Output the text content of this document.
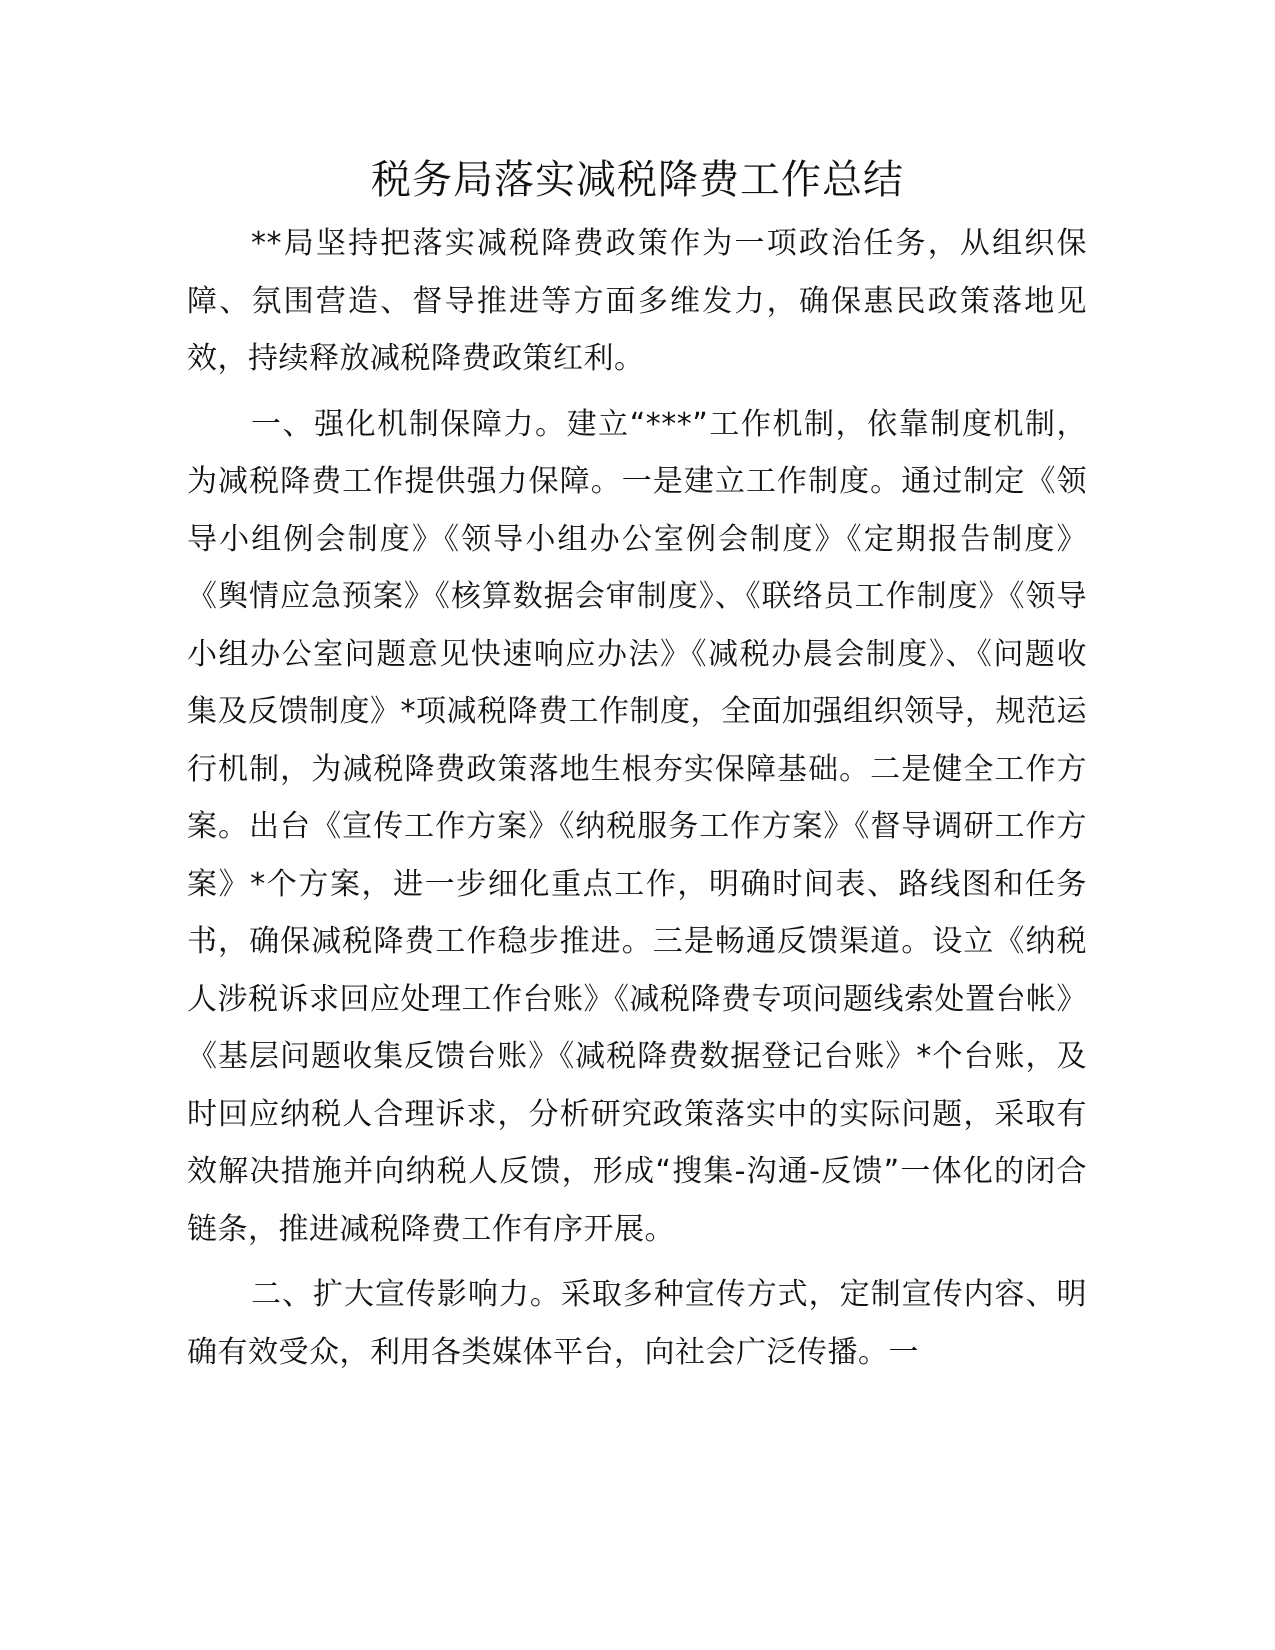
税务局落实减税降费工作总结

**局坚持把落实减税降费政策作为一项政治任务，从组织保障、氛围营造、督导推进等方面多维发力，确保惠民政策落地见效，持续释放减税降费政策红利。

一、强化机制保障力。建立“***”工作机制，依靠制度机制，为减税降费工作提供强力保障。一是建立工作制度。通过制定《领导小组例会制度》《领导小组办公室例会制度》《定期报告制度》《舆情应急预案》《核算数据会审制度》、《联络员工作制度》《领导小组办公室问题意见快速响应办法》《减税办晨会制度》、《问题收集及反馈制度》*项减税降费工作制度，全面加强组织领导，规范运行机制，为减税降费政策落地生根夯实保障基础。二是健全工作方案。出台《宣传工作方案》《纳税服务工作方案》《督导调研工作方案》*个方案，进一步细化重点工作，明确时间表、路线图和任务书，确保减税降费工作稳步推进。三是畅通反馈渠道。设立《纳税人涉税诉求回应处理工作台账》《减税降费专项问题线索处置台帐》《基层问题收集反馈台账》《减税降费数据登记台账》*个台账，及时回应纳税人合理诉求，分析研究政策落实中的实际问题，采取有效解决措施并向纳税人反馈，形成“搜集-沟通-反馈”一体化的闭合链条，推进减税降费工作有序开展。

二、扩大宣传影响力。采取多种宣传方式，定制宣传内容、明确有效受众，利用各类媒体平台，向社会广泛传播。一
